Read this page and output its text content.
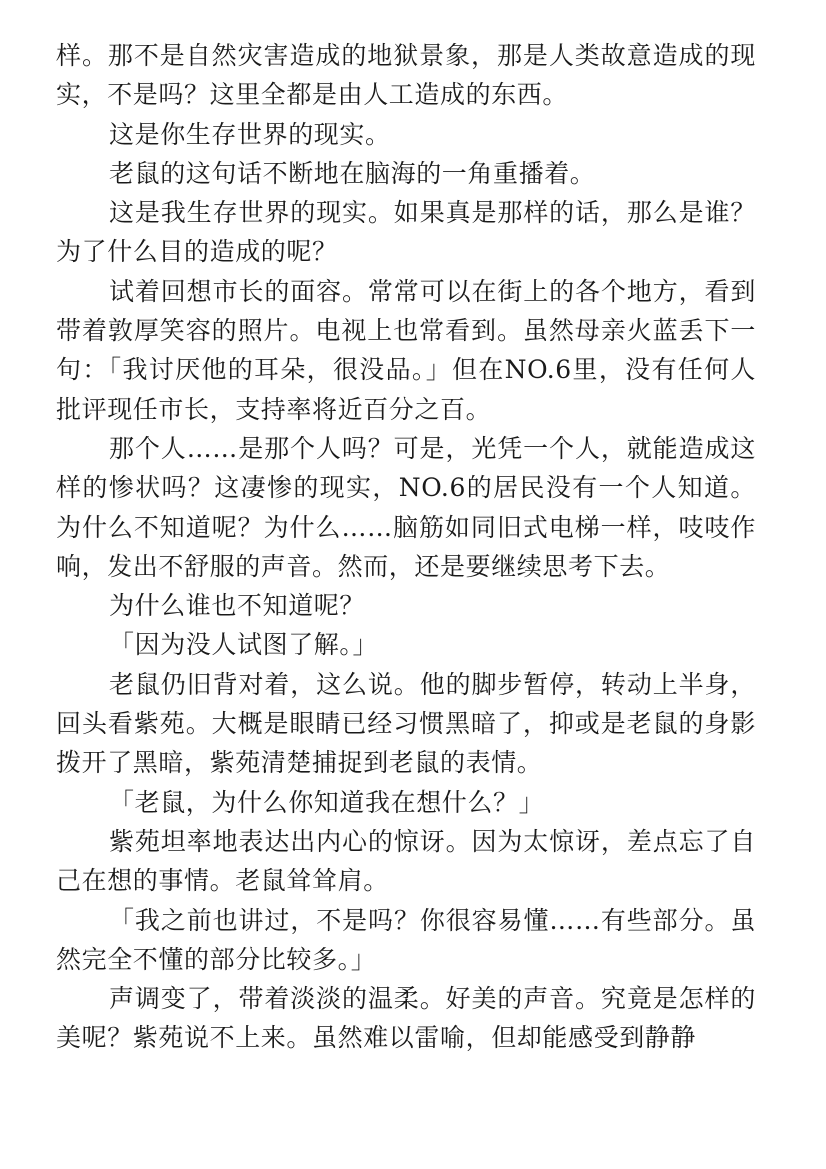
样。那不是自然灾害造成的地狱景象，那是人类故意造成的现实，不是吗？这里全都是由人工造成的东西。

这是你生存世界的现实。

老鼠的这句话不断地在脑海的一角重播着。

这是我生存世界的现实。如果真是那样的话，那么是谁？为了什么目的造成的呢？

试着回想市长的面容。常常可以在街上的各个地方，看到带着敦厚笑容的照片。电视上也常看到。虽然母亲火蓝丢下一句：「我讨厌他的耳朵，很没品。」但在NO.6里，没有任何人批评现任市长，支持率将近百分之百。

那个人……是那个人吗？可是，光凭一个人，就能造成这样的惨状吗？这凄惨的现实，NO.6的居民没有一个人知道。为什么不知道呢？为什么……脑筋如同旧式电梯一样，吱吱作响，发出不舒服的声音。然而，还是要继续思考下去。

为什么谁也不知道呢？

「因为没人试图了解。」

老鼠仍旧背对着，这么说。他的脚步暂停，转动上半身，回头看紫苑。大概是眼睛已经习惯黑暗了，抑或是老鼠的身影拨开了黑暗，紫苑清楚捕捉到老鼠的表情。

「老鼠，为什么你知道我在想什么？」

紫苑坦率地表达出内心的惊讶。因为太惊讶，差点忘了自己在想的事情。老鼠耸耸肩。

「我之前也讲过，不是吗？你很容易懂……有些部分。虽然完全不懂的部分比较多。」

声调变了，带着淡淡的温柔。好美的声音。究竟是怎样的美呢？紫苑说不上来。虽然难以雷喻，但却能感受到静静
